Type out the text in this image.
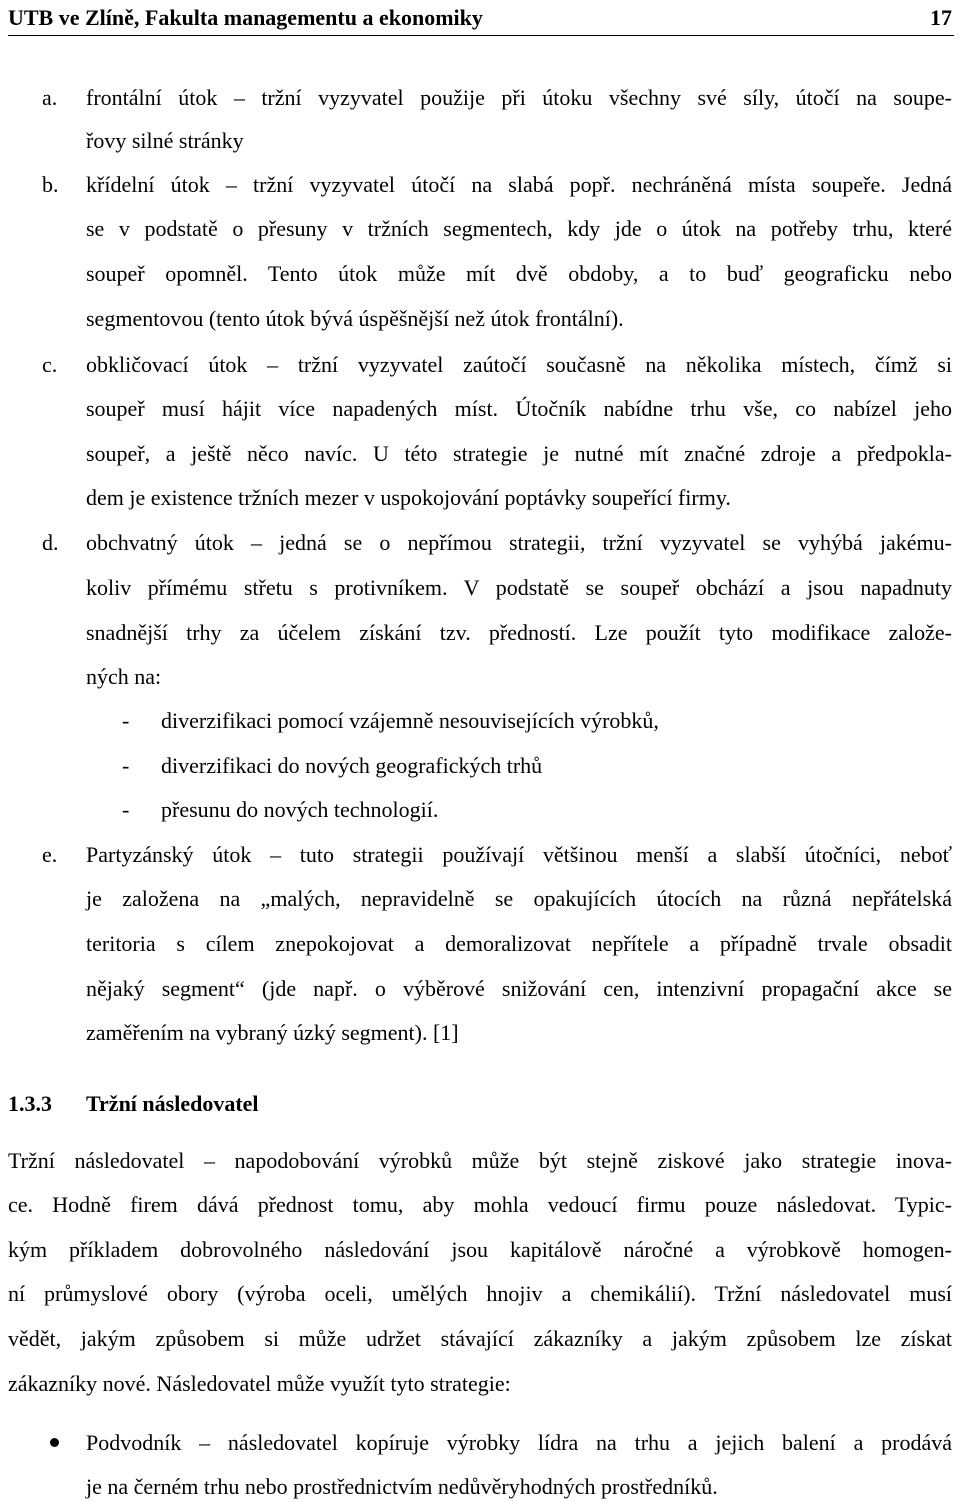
UTB ve Zlíně, Fakulta managementu a ekonomiky	17
a. frontální útok – tržní vyzyvatel použije při útoku všechny své síly, útočí na soupe-
řovy silné stránky
b. křídelní útok – tržní vyzyvatel útočí na slabá popř. nechráněná místa soupeře. Jedná
se v podstatě o přesuny v tržních segmentech, kdy jde o útok na potřeby trhu, které
soupeř opomněl. Tento útok může mít dvě obdoby, a to buď geograficku nebo
segmentovou (tento útok bývá úspěšnější než útok frontální).
c. obkličovací útok – tržní vyzyvatel zaútočí současně na několika místech, čímž si
soupeř musí hájit více napadených míst. Útočník nabídne trhu vše, co nabízel jeho
soupeř, a ještě něco navíc. U této strategie je nutné mít značné zdroje a předpokla-
dem je existence tržních mezer v uspokojování poptávky soupeřící firmy.
d. obchvatný útok – jedná se o nepřímou strategii, tržní vyzyvatel se vyhýbá jakému-
koliv přímému střetu s protivníkem. V podstatě se soupeř obchází a jsou napadnuty
snadnější trhy za účelem získání tzv. předností. Lze použít tyto modifikace založe-
ných na:
- diverzifikaci pomocí vzájemně nesouvisejících výrobků,
- diverzifikaci do nových geografických trhů
- přesunu do nových technologií.
e. Partyzánský útok – tuto strategii používají většinou menší a slabší útočníci, neboť
je založena na „malých, nepravidelně se opakujících útocích na různá nepřátelská
teritoria s cílem znepokojovat a demoralizovat nepřítele a případně trvale obsadit
nějaký segment“ (jde např. o výběrové snižování cen, intenzivní propagační akce se
zaměřením na vybraný úzký segment). [1]
1.3.3 Tržní následovatel
Tržní následovatel – napodobování výrobků může být stejně ziskové jako strategie inova-
ce. Hodně firem dává přednost tomu, aby mohla vedoucí firmu pouze následovat. Typic-
kým příkladem dobrovolného následování jsou kapitálově náročné a výrobkově homogen-
ní průmyslové obory (výroba oceli, umělých hnojiv a chemikálií). Tržní následovatel musí
vědět, jakým způsobem si může udržet stávající zákazníky a jakým způsobem lze získat
zákazníky nové. Následovatel může využít tyto strategie:
Podvodník – následovatel kopíruje výrobky lídra na trhu a jejich balení a prodává
je na černém trhu nebo prostřednictvím nedůvěryhodných prostředníků.
